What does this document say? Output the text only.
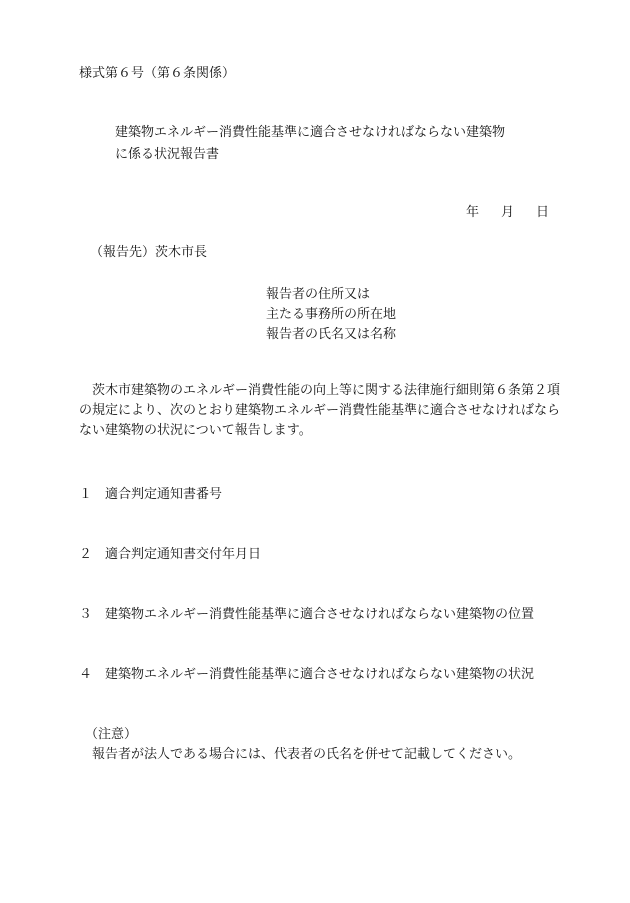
様式第６号（第６条関係）
建築物エネルギー消費性能基準に適合させなければならない建築物
に係る状況報告書
年 月 日
（報告先）茨木市長
報告者の住所又は
主たる事務所の所在地
報告者の氏名又は名称
茨木市建築物のエネルギー消費性能の向上等に関する法律施行細則第６条第２項の規定により、次のとおり建築物エネルギー消費性能基準に適合させなければならない建築物の状況について報告します。
１ 適合判定通知書番号
２ 適合判定通知書交付年月日
３ 建築物エネルギー消費性能基準に適合させなければならない建築物の位置
４ 建築物エネルギー消費性能基準に適合させなければならない建築物の状況
（注意）
報告者が法人である場合には、代表者の氏名を併せて記載してください。
